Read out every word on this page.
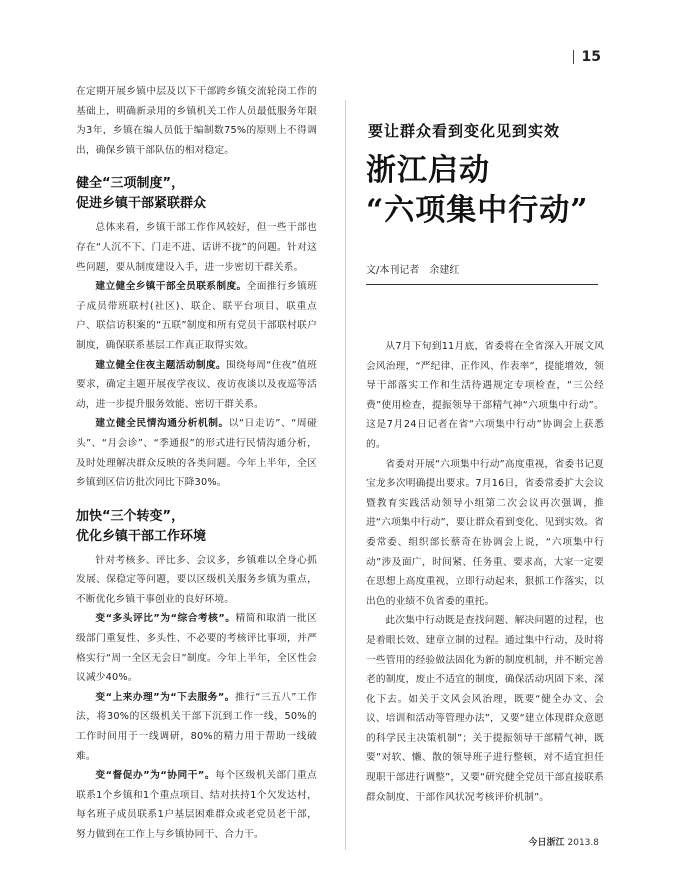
15

在定期开展乡镇中层及以下干部跨乡镇交流轮岗工作的基础上，明确新录用的乡镇机关工作人员最低服务年限为3年，乡镇在编人员低于编制数75%的原则上不得调出，确保乡镇干部队伍的相对稳定。

健全“三项制度”，
促进乡镇干部紧联群众

总体来看，乡镇干部工作作风较好，但一些干部也存在“人沉不下、门走不进、话讲不拢”的问题。针对这些问题，要从制度建设入手，进一步密切干群关系。

建立健全乡镇干部全员联系制度。全面推行乡镇班子成员带班联村(社区)、联企、联平台项目、联重点户、联信访积案的“五联”制度和所有党员干部联村联户制度，确保联系基层工作真正取得实效。

建立健全住夜主题活动制度。围绕每周“住夜”值班要求，确定主题开展夜学夜议、夜访夜谈以及夜巡等活动，进一步提升服务效能、密切干群关系。

建立健全民情沟通分析机制。以“日走访”、“周碰头”、“月会诊”、“季通报”的形式进行民情沟通分析，及时处理解决群众反映的各类问题。今年上半年，全区乡镇到区信访批次同比下降30%。

加快“三个转变”，
优化乡镇干部工作环境

针对考核多、评比多、会议多，乡镇难以全身心抓发展、保稳定等问题，要以区级机关服务乡镇为重点，不断优化乡镇干事创业的良好环境。

变“多头评比”为“综合考核”。精简和取消一批区级部门重复性、多头性、不必要的考核评比事项，并严格实行“周一全区无会日”制度。今年上半年，全区性会议减少40%。

变“上来办理”为“下去服务”。推行“三五八”工作法，将30%的区级机关干部下沉到工作一线，50%的工作时间用于一线调研，80%的精力用于帮助一线破难。

变“督促办”为“协同干”。每个区级机关部门重点联系1个乡镇和1个重点项目、结对扶持1个欠发达村，每名班子成员联系1户基层困难群众或老党员老干部，努力做到在工作上与乡镇协同干、合力干。

要让群众看到变化见到实效
浙江启动
“六项集中行动”
文/本刊记者 余建红

从7月下旬到11月底，省委将在全省深入开展文风会风治理，“严纪律、正作风、作表率”，提能增效，领导干部落实工作和生活待遇规定专项检查，“三公经费”使用检查，提振领导干部精气神“六项集中行动”。这是7月24日记者在省“六项集中行动”协调会上获悉的。

省委对开展“六项集中行动”高度重视，省委书记夏宝龙多次明确提出要求。7月16日，省委常委扩大会议暨教育实践活动领导小组第二次会议再次强调，推进“六项集中行动”，要让群众看到变化、见到实效。省委常委、组织部长蔡奇在协调会上说，“六项集中行动”涉及面广，时间紧、任务重、要求高，大家一定要在思想上高度重视，立即行动起来，狠抓工作落实，以出色的业绩不负省委的重托。

此次集中行动既是查找问题、解决问题的过程，也是着眼长效、建章立制的过程。通过集中行动，及时将一些管用的经验做法固化为新的制度机制，并不断完善老的制度，废止不适宜的制度，确保活动巩固下来、深化下去。如关于文风会风治理，既要“健全办文、会议、培训和活动等管理办法”，又要“建立体现群众意愿的科学民主决策机制”；关于提振领导干部精气神，既要“对软、懒、散的领导班子进行整顿，对不适宜担任现职干部进行调整”，又要“研究健全党员干部直接联系群众制度、干部作风状况考核评价机制”。

今日浙江 2013.8
